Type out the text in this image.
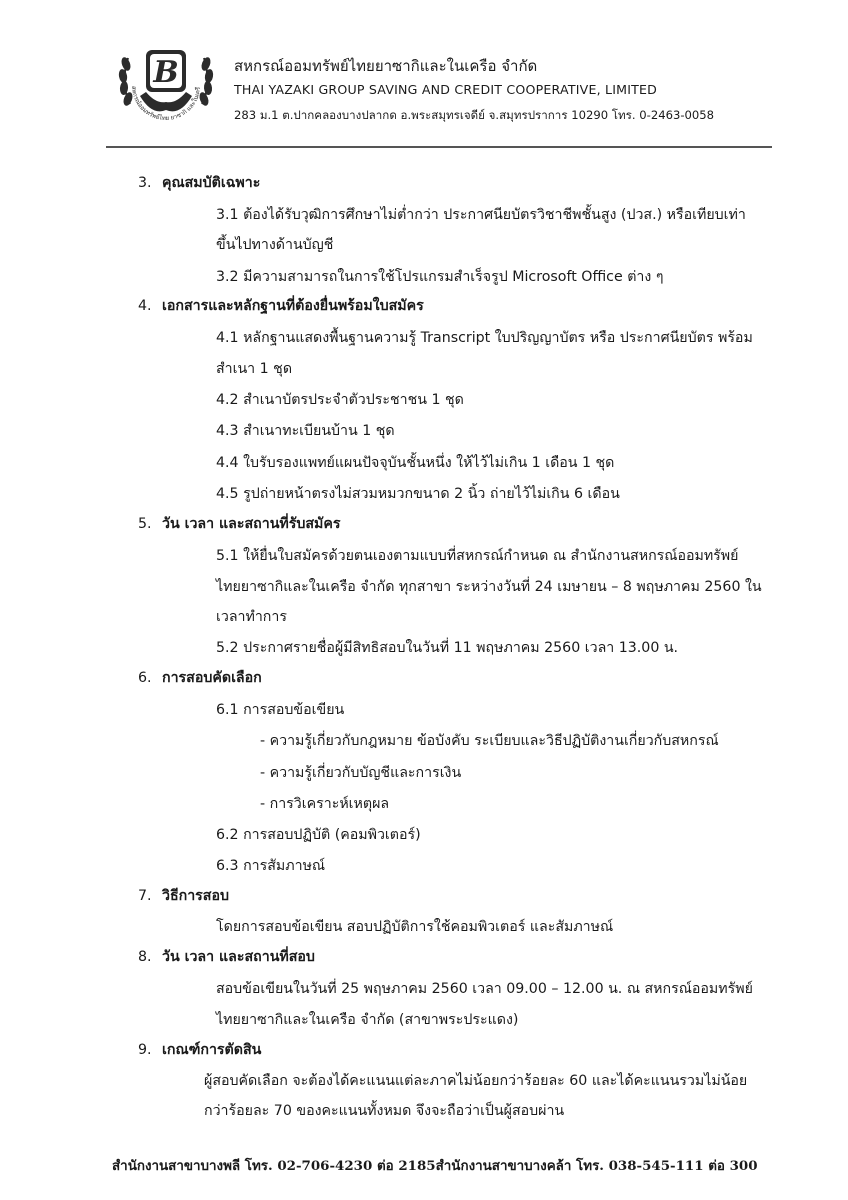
B
สหกรณ์ออมทรัพย์ไทย ยาซากิ และในเครื
สหกรณ์ออมทรัพย์ไทยยาซากิและในเครือ จำกัด
THAI YAZAKI GROUP SAVING AND CREDIT COOPERATIVE, LIMITED
283 ม.1 ต.ปากคลองบางปลากด อ.พระสมุทรเจดีย์ จ.สมุทรปราการ 10290 โทร. 0-2463-0058
3. คุณสมบัติเฉพาะ
3.1 ต้องได้รับวุฒิการศึกษาไม่ต่ำกว่า ประกาศนียบัตรวิชาชีพชั้นสูง (ปวส.) หรือเทียบเท่า
ขึ้นไปทางด้านบัญชี
3.2 มีความสามารถในการใช้โปรแกรมสำเร็จรูป Microsoft Office ต่าง ๆ
4. เอกสารและหลักฐานที่ต้องยื่นพร้อมใบสมัคร
4.1 หลักฐานแสดงพื้นฐานความรู้ Transcript ใบปริญญาบัตร หรือ ประกาศนียบัตร พร้อม
สำเนา 1 ชุด
4.2 สำเนาบัตรประจำตัวประชาชน 1 ชุด
4.3 สำเนาทะเบียนบ้าน 1 ชุด
4.4 ใบรับรองแพทย์แผนปัจจุบันชั้นหนึ่ง ให้ไว้ไม่เกิน 1 เดือน 1 ชุด
4.5 รูปถ่ายหน้าตรงไม่สวมหมวกขนาด 2 นิ้ว ถ่ายไว้ไม่เกิน 6 เดือน
5. วัน เวลา และสถานที่รับสมัคร
5.1 ให้ยื่นใบสมัครด้วยตนเองตามแบบที่สหกรณ์กำหนด ณ สำนักงานสหกรณ์ออมทรัพย์
ไทยยาซากิและในเครือ จำกัด ทุกสาขา ระหว่างวันที่ 24 เมษายน – 8 พฤษภาคม 2560 ใน
เวลาทำการ
5.2 ประกาศรายชื่อผู้มีสิทธิสอบในวันที่ 11 พฤษภาคม 2560 เวลา 13.00 น.
6. การสอบคัดเลือก
6.1 การสอบข้อเขียน
- ความรู้เกี่ยวกับกฎหมาย ข้อบังคับ ระเบียบและวิธีปฏิบัติงานเกี่ยวกับสหกรณ์
- ความรู้เกี่ยวกับบัญชีและการเงิน
- การวิเคราะห์เหตุผล
6.2 การสอบปฏิบัติ (คอมพิวเตอร์)
6.3 การสัมภาษณ์
7. วิธีการสอบ
โดยการสอบข้อเขียน สอบปฏิบัติการใช้คอมพิวเตอร์ และสัมภาษณ์
8. วัน เวลา และสถานที่สอบ
สอบข้อเขียนในวันที่ 25 พฤษภาคม 2560 เวลา 09.00 – 12.00 น. ณ สหกรณ์ออมทรัพย์
ไทยยาซากิและในเครือ จำกัด (สาขาพระประแดง)
9. เกณฑ์การตัดสิน
ผู้สอบคัดเลือก จะต้องได้คะแนนแต่ละภาคไม่น้อยกว่าร้อยละ 60 และได้คะแนนรวมไม่น้อย
กว่าร้อยละ 70 ของคะแนนทั้งหมด จึงจะถือว่าเป็นผู้สอบผ่าน
สำนักงานสาขาบางพลี โทร. 02-706-4230 ต่อ 2185สำนักงานสาขาบางคล้า โทร. 038-545-111 ต่อ 300
